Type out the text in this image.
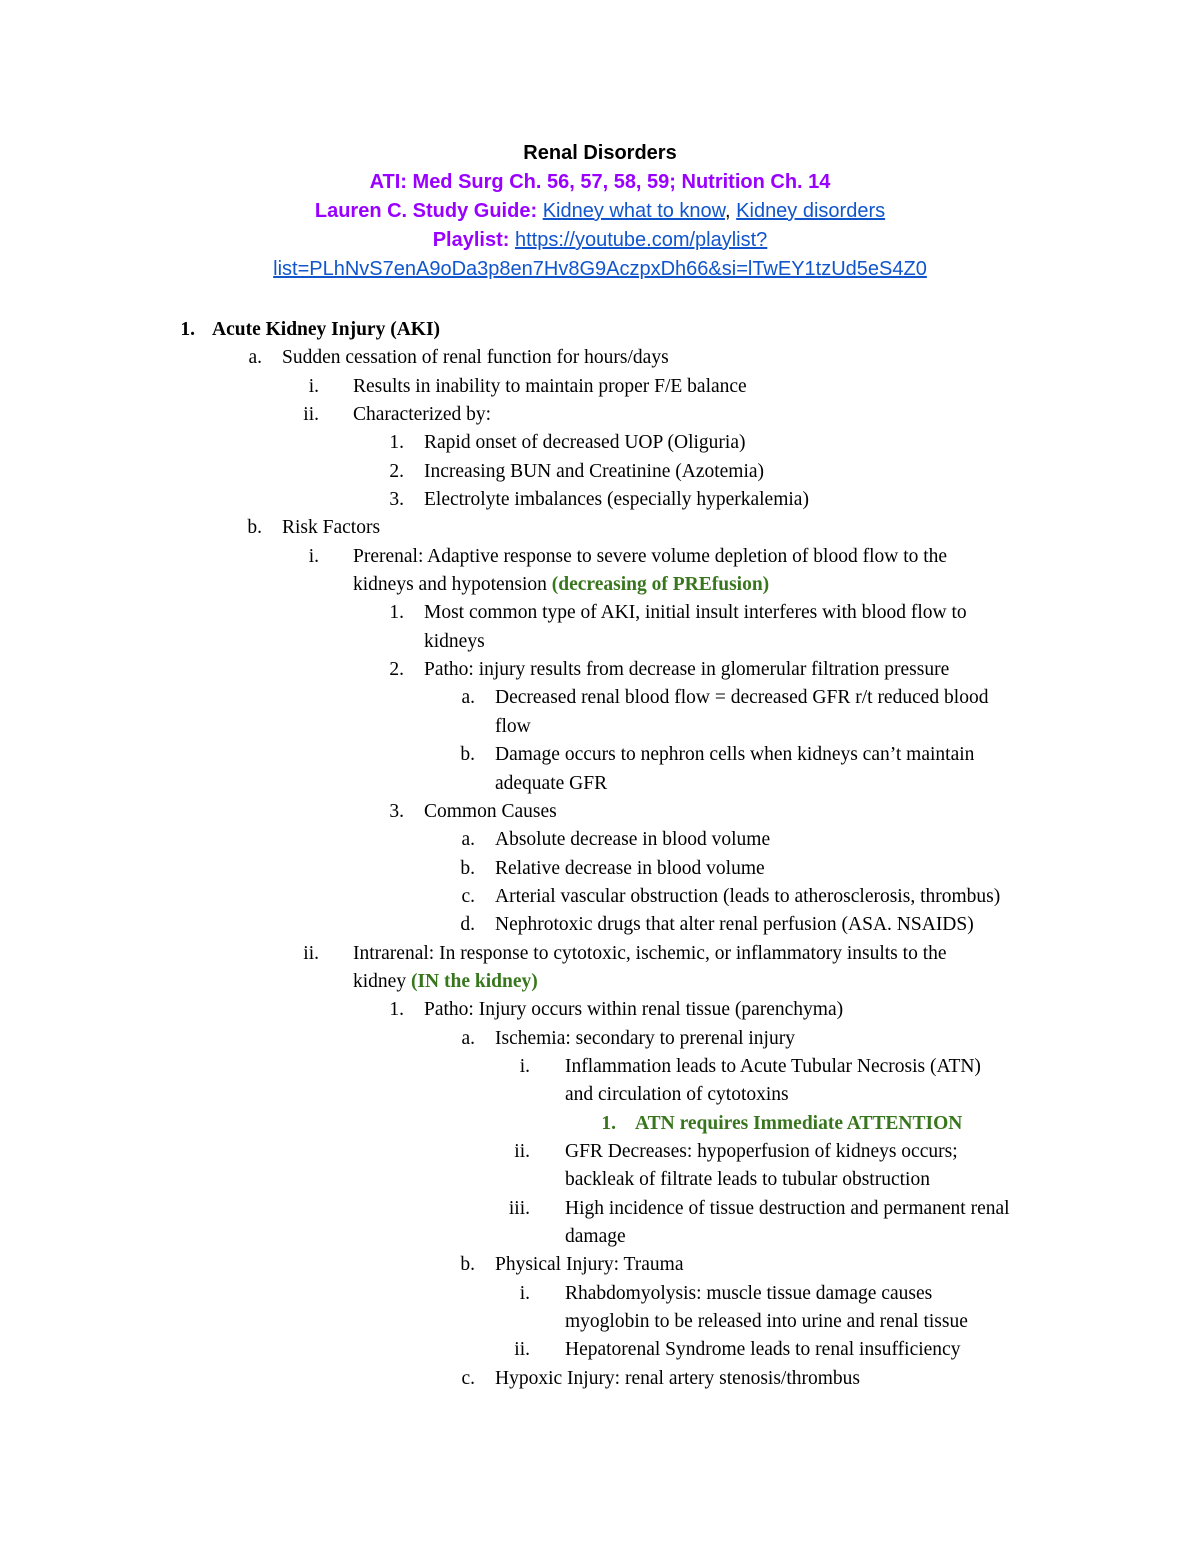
Renal Disorders
ATI: Med Surg Ch. 56, 57, 58, 59; Nutrition Ch. 14
Lauren C. Study Guide: Kidney what to know, Kidney disorders
Playlist: https://youtube.com/playlist?
list=PLhNvS7enA9oDa3p8en7Hv8G9AczpxDh66&si=lTwEY1tzUd5eS4Z0
1. Acute Kidney Injury (AKI)
a. Sudden cessation of renal function for hours/days
i. Results in inability to maintain proper F/E balance
ii. Characterized by:
1. Rapid onset of decreased UOP (Oliguria)
2. Increasing BUN and Creatinine (Azotemia)
3. Electrolyte imbalances (especially hyperkalemia)
b. Risk Factors
i. Prerenal: Adaptive response to severe volume depletion of blood flow to the
kidneys and hypotension (decreasing of PREfusion)
1. Most common type of AKI, initial insult interferes with blood flow to
kidneys
2. Patho: injury results from decrease in glomerular filtration pressure
a. Decreased renal blood flow = decreased GFR r/t reduced blood
flow
b. Damage occurs to nephron cells when kidneys can’t maintain
adequate GFR
3. Common Causes
a. Absolute decrease in blood volume
b. Relative decrease in blood volume
c. Arterial vascular obstruction (leads to atherosclerosis, thrombus)
d. Nephrotoxic drugs that alter renal perfusion (ASA. NSAIDS)
ii. Intrarenal: In response to cytotoxic, ischemic, or inflammatory insults to the
kidney (IN the kidney)
1. Patho: Injury occurs within renal tissue (parenchyma)
a. Ischemia: secondary to prerenal injury
i. Inflammation leads to Acute Tubular Necrosis (ATN)
and circulation of cytotoxins
1. ATN requires Immediate ATTENTION
ii. GFR Decreases: hypoperfusion of kidneys occurs;
backleak of filtrate leads to tubular obstruction
iii. High incidence of tissue destruction and permanent renal
damage
b. Physical Injury: Trauma
i. Rhabdomyolysis: muscle tissue damage causes
myoglobin to be released into urine and renal tissue
ii. Hepatorenal Syndrome leads to renal insufficiency
c. Hypoxic Injury: renal artery stenosis/thrombus
